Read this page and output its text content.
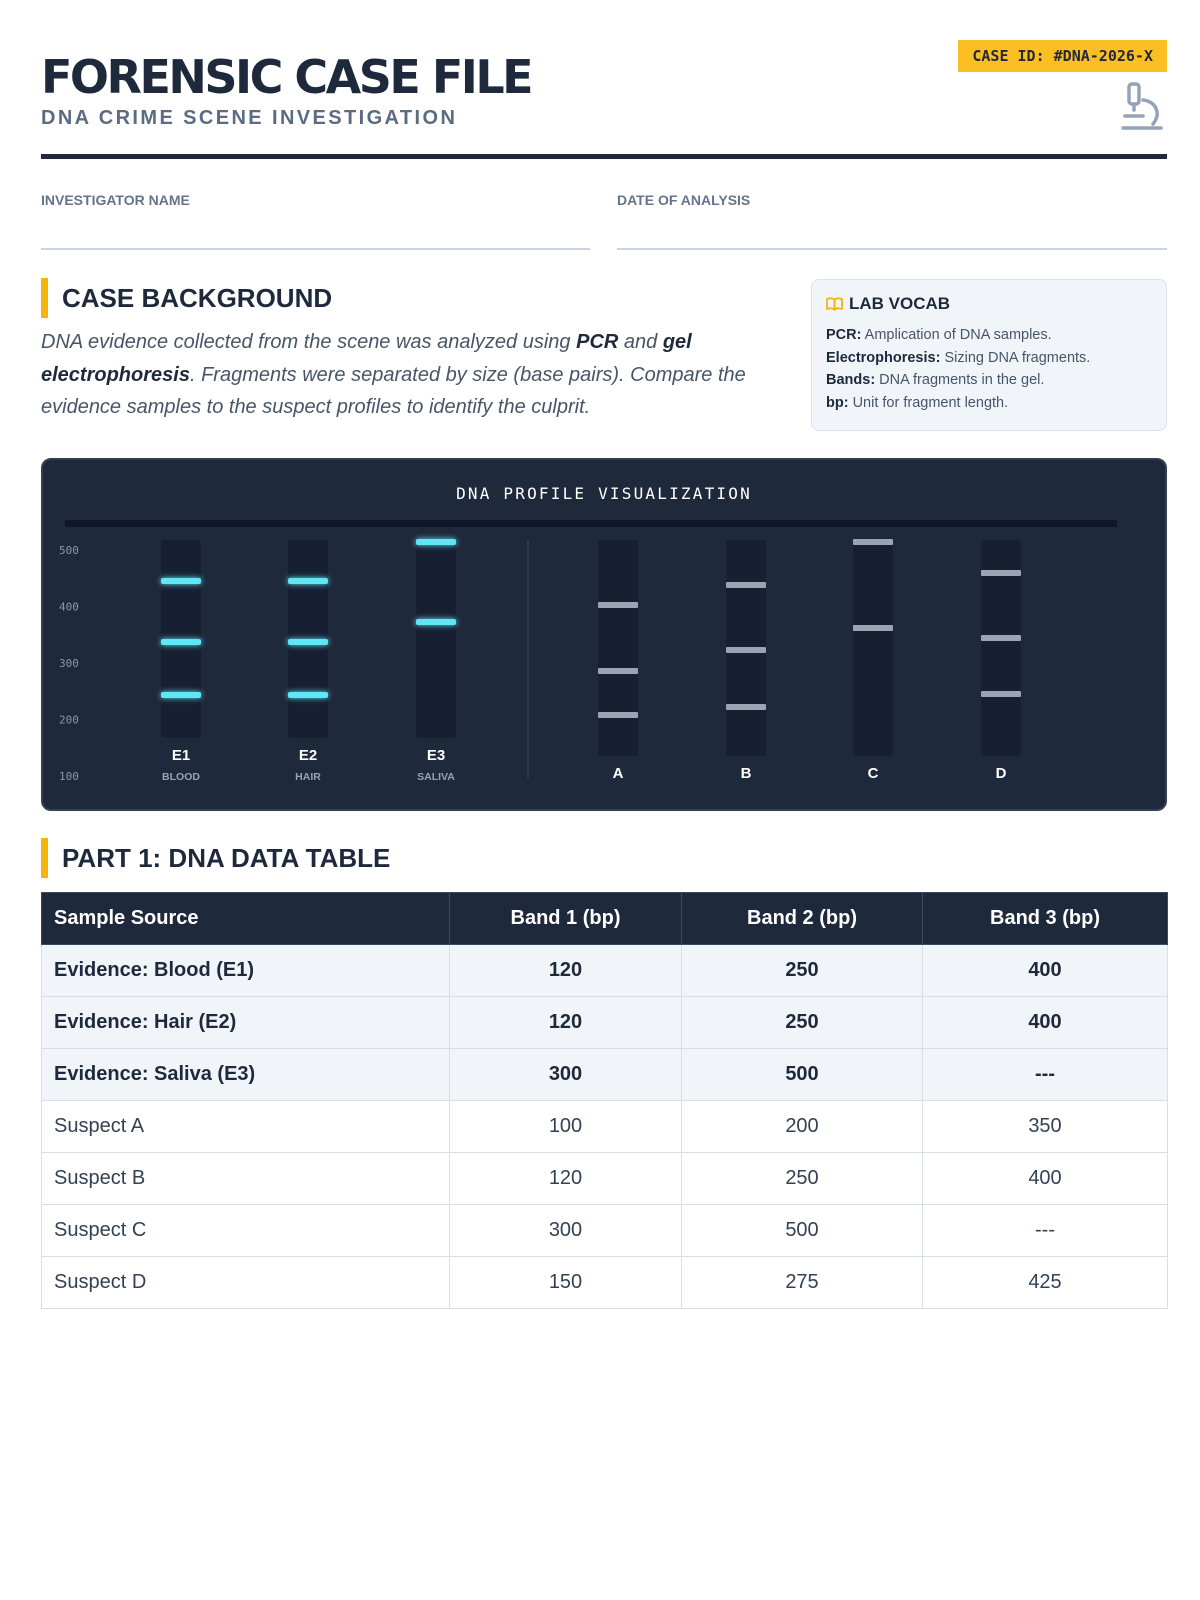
FORENSIC CASE FILE
DNA CRIME SCENE INVESTIGATION
CASE ID: #DNA-2026-X
INVESTIGATOR NAME	DATE OF ANALYSIS
CASE BACKGROUND
DNA evidence collected from the scene was analyzed using PCR and gel electrophoresis. Fragments were separated by size (base pairs). Compare the evidence samples to the suspect profiles to identify the culprit.
LAB VOCAB
PCR: Amplication of DNA samples.
Electrophoresis: Sizing DNA fragments.
Bands: DNA fragments in the gel.
bp: Unit for fragment length.
DNA PROFILE VISUALIZATION
500
400
300
200
100
E1
BLOOD
E2
HAIR
E3
SALIVA	A	B	C	D
PART 1: DNA DATA TABLE
Sample Source	Band 1 (bp)	Band 2 (bp)	Band 3 (bp)
Evidence: Blood (E1)	120	250	400
Evidence: Hair (E2)	120	250	400
Evidence: Saliva (E3)	300	500	---
Suspect A	100	200	350
Suspect B	120	250	400
Suspect C	300	500	---
Suspect D	150	275	425
